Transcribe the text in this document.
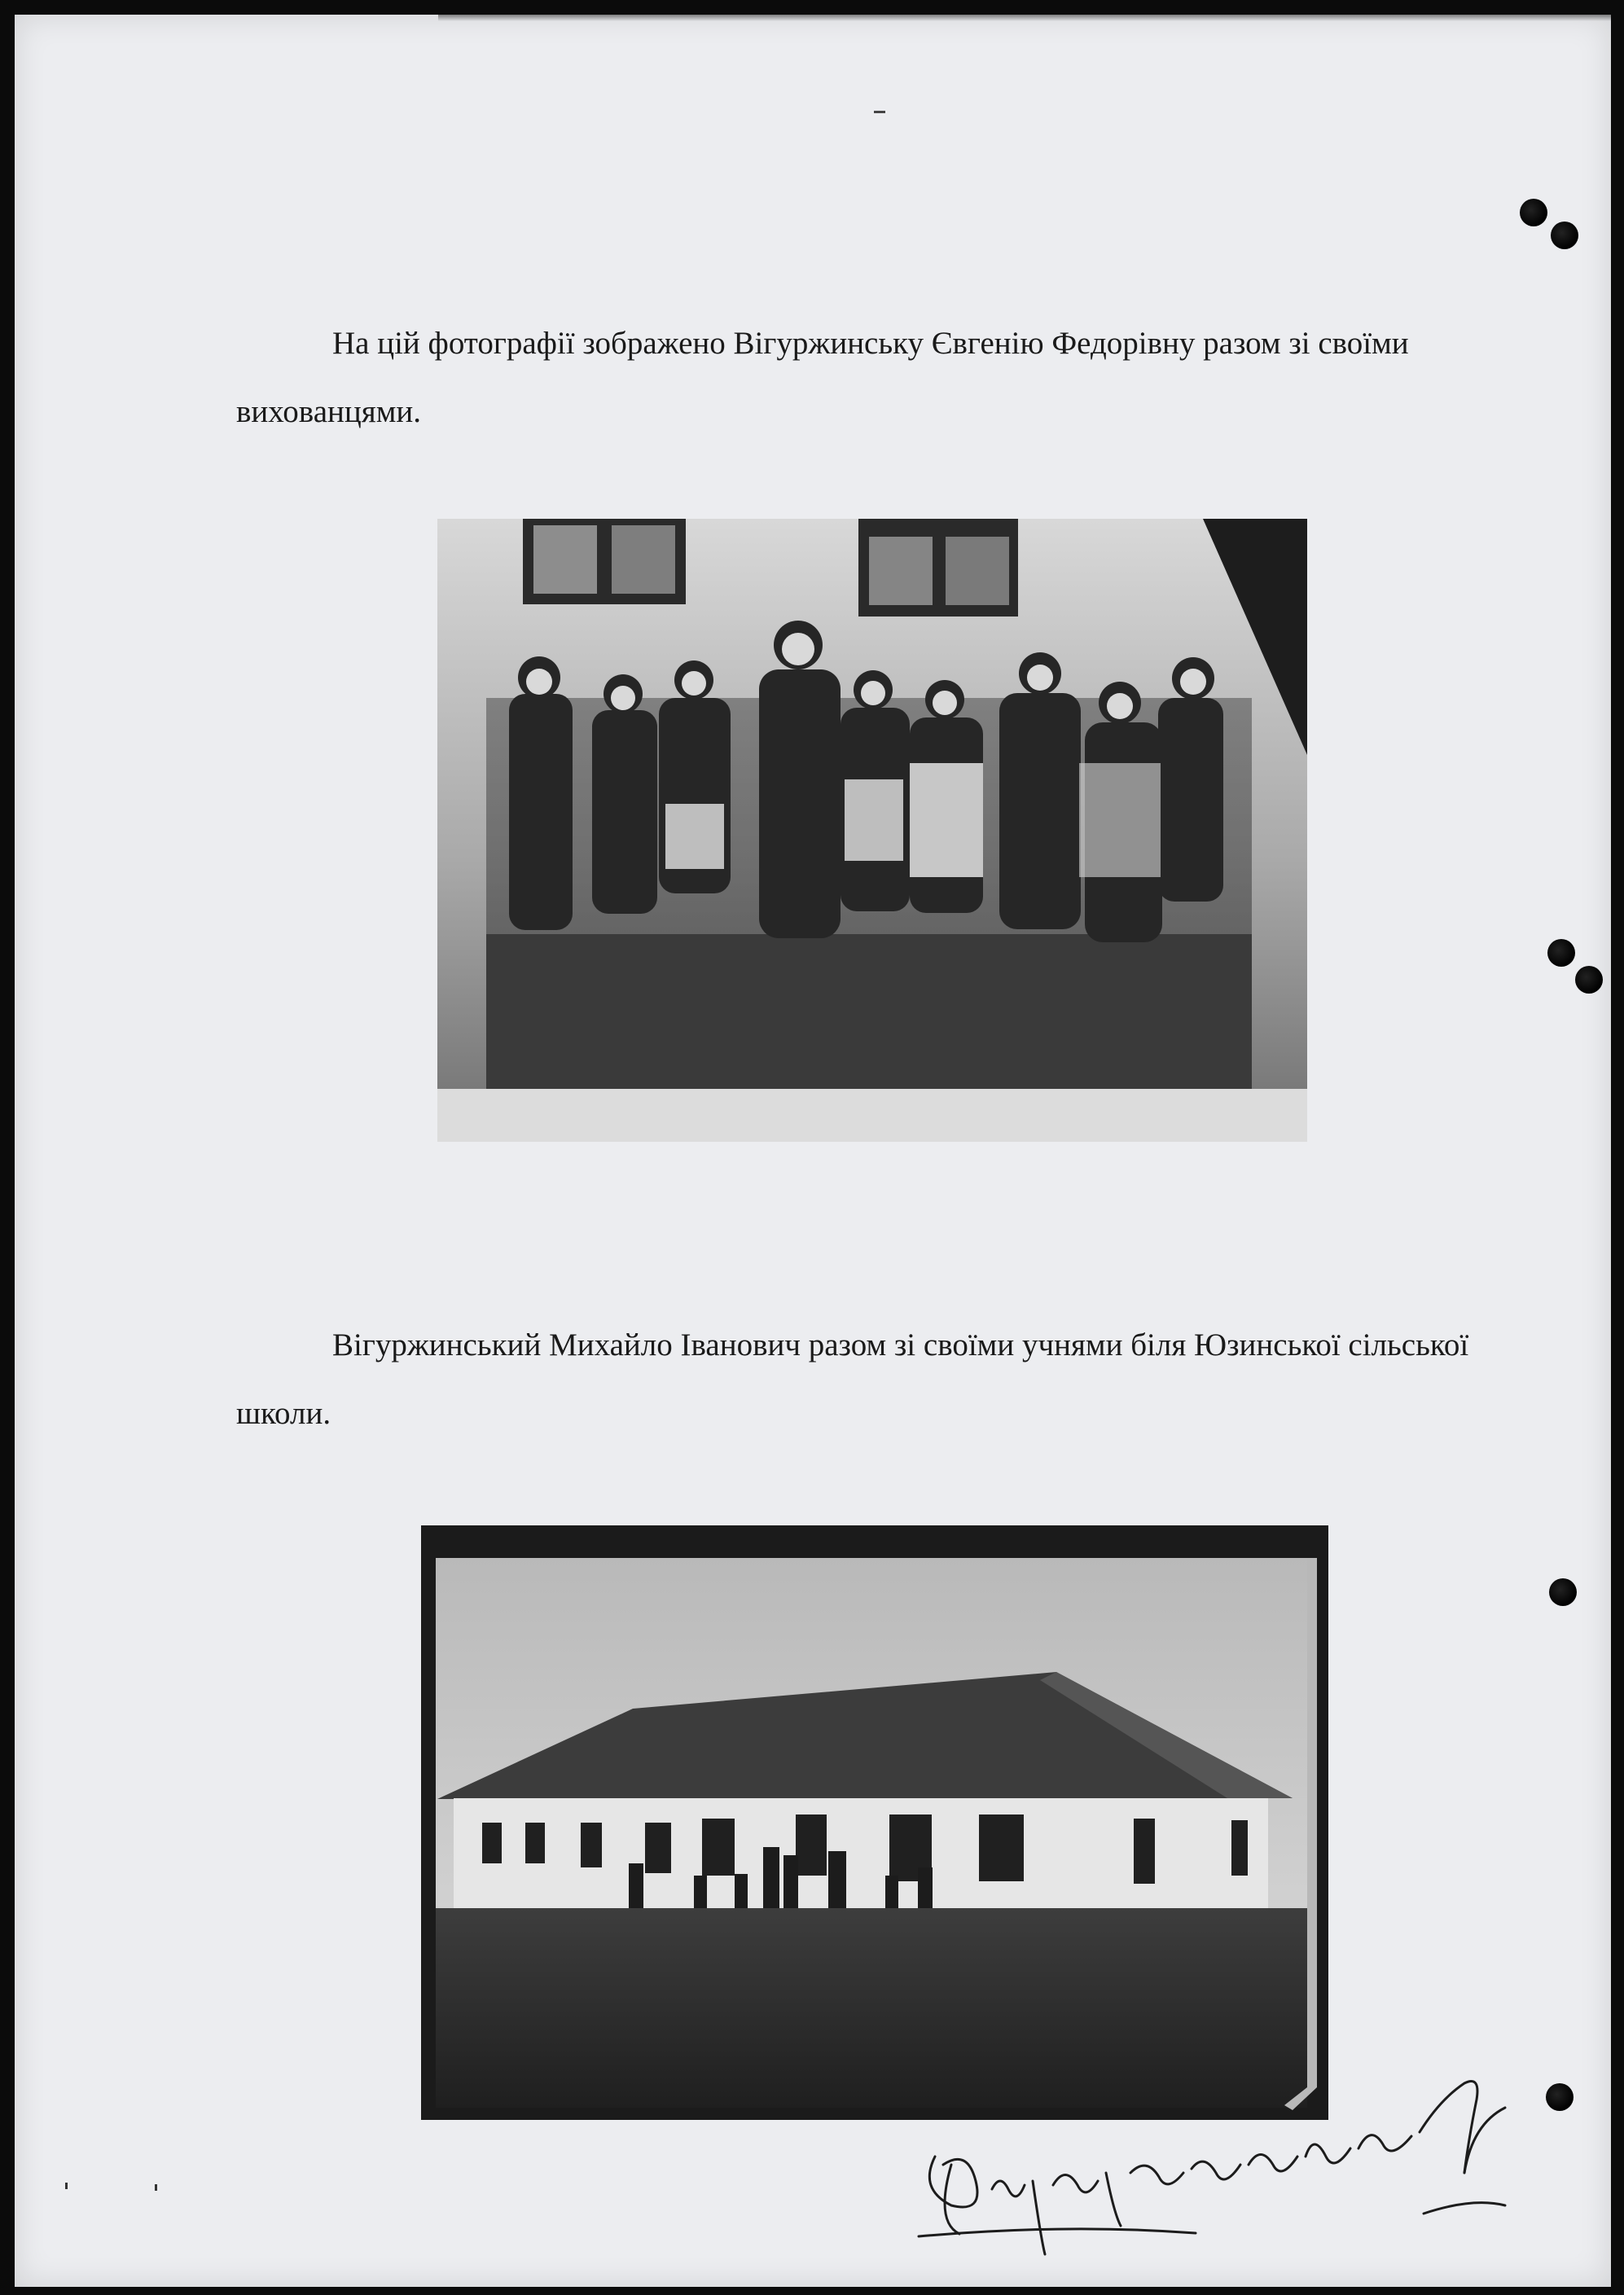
На цій фотографії зображено Вігуржинську Євгенію Федорівну разом зі своїми вихованцями.

Вігуржинський Михайло Іванович разом зі своїми учнями біля Юзинської сільської школи.
